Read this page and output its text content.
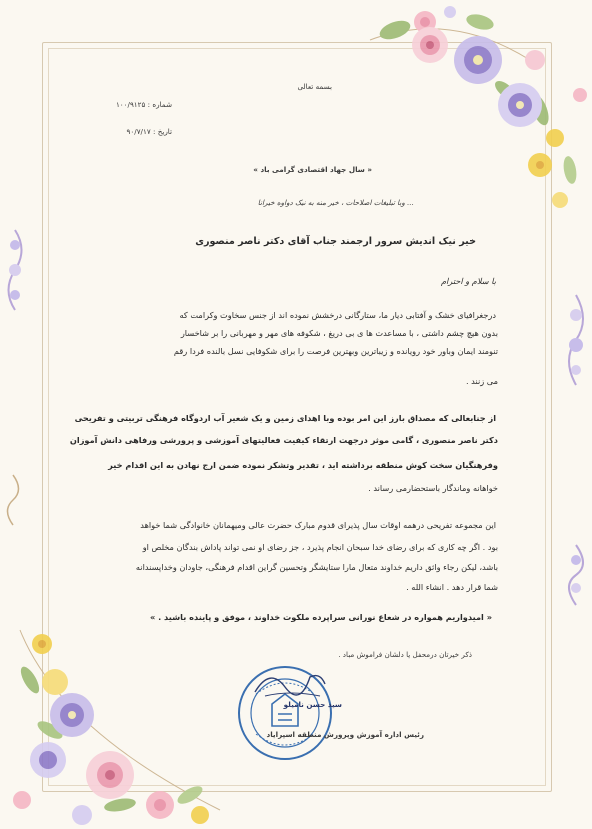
بسمه تعالی
شماره : ۱۰۰/۹۱۲۵
تاریخ : ۹۰/۷/۱۷
« سال جهاد اقتصادی گرامی باد »
... وبا تبلیغات اصلاحات ، خیر منه به نیک دواوه خیرانا
خیر نیک اندیش سرور ارجمند جناب آقای دکتر ناصر منصوری
با سلام و احترام
درجغرافیای خشک و آفتابی دیار ما، ستارگانی درخشش نموده اند از جنس سخاوت وکرامت که
بدون هیچ چشم داشتی ، با مساعدت ها ی بی دریغ ، شکوفه های مهر و مهربانی را بر شاخسار
تنومند ایمان وباور خود رویانده و زیباترین وبهترین فرصت را برای شکوفایی نسل بالنده فردا رقم
می زنند .
از جنابعالی که مصداق بارز این امر بوده وبا اهدای زمین و یک شعیر آب اردوگاه فرهنگی تربیتی و تفریحی
دکتر ناصر منصوری ، گامی موثر درجهت ارتقاء کیفیت فعالیتهای آموزشی و پرورشی ورفاهی دانش آموزان
وفرهنگیان سخت کوش منطقه برداشته اید ، تقدیر وتشکر نموده ضمن ارج نهادن به این اقدام خیر
خواهانه وماندگار باستحضارمی رساند .
این مجموعه تفریحی درهمه اوقات سال پذیرای قدوم مبارک حضرت عالی ومیهمانان خانوادگی شما خواهد
بود . اگر چه کاری که برای رضای خدا سبحان انجام پذیرد ، جز رضای او نمی تواند پاداش بندگان مخلص او
باشد، لیکن رجاء واثق داریم خداوند متعال مارا ستایشگر وتحسین گراین اقدام فرهنگی، جاودان وخداپسندانه
شما قرار دهد . انشاء الله .
« امیدواریم همواره در شعاع نورانی سراپرده ملکوت خداوند ، موفق و پاینده باشید . »
ذکر خیرتان درمحفل یا دلشان فراموش مباد .
سید حسن نامیلو
رئیس اداره آموزش وپرورش منطقه اسپرایاد
